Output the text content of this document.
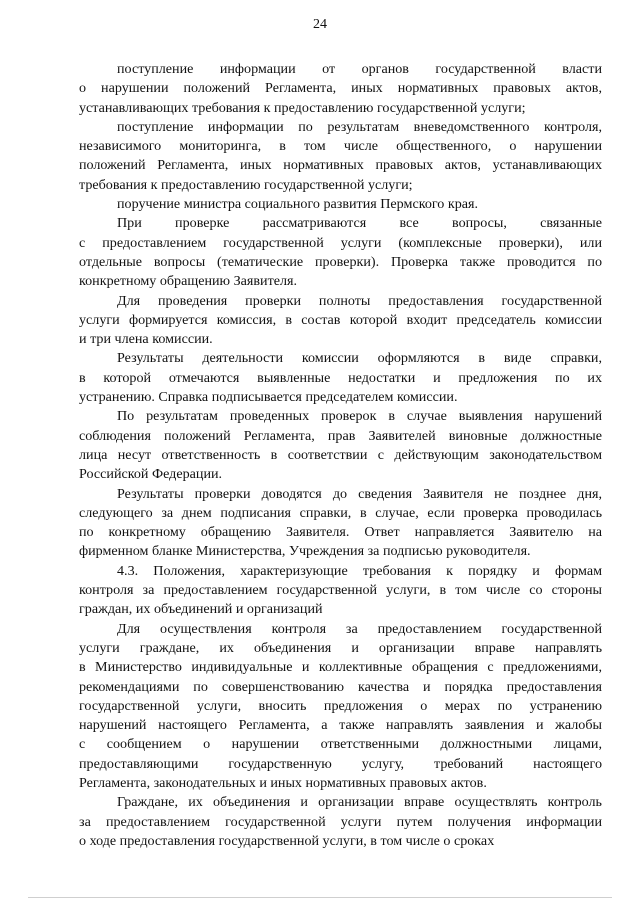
24
поступление информации от органов государственной власти
о нарушении положений Регламента, иных нормативных правовых актов,
устанавливающих требования к предоставлению государственной услуги;
поступление информации по результатам вневедомственного контроля,
независимого мониторинга, в том числе общественного, о нарушении
положений Регламента, иных нормативных правовых актов, устанавливающих
требования к предоставлению государственной услуги;
поручение министра социального развития Пермского края.
При проверке рассматриваются все вопросы, связанные
с предоставлением государственной услуги (комплексные проверки), или
отдельные вопросы (тематические проверки). Проверка также проводится по
конкретному обращению Заявителя.
Для проведения проверки полноты предоставления государственной
услуги формируется комиссия, в состав которой входит председатель комиссии
и три члена комиссии.
Результаты деятельности комиссии оформляются в виде справки,
в которой отмечаются выявленные недостатки и предложения по их
устранению. Справка подписывается председателем комиссии.
По результатам проведенных проверок в случае выявления нарушений
соблюдения положений Регламента, прав Заявителей виновные должностные
лица несут ответственность в соответствии с действующим законодательством
Российской Федерации.
Результаты проверки доводятся до сведения Заявителя не позднее дня,
следующего за днем подписания справки, в случае, если проверка проводилась
по конкретному обращению Заявителя. Ответ направляется Заявителю на
фирменном бланке Министерства, Учреждения за подписью руководителя.
4.3. Положения, характеризующие требования к порядку и формам
контроля за предоставлением государственной услуги, в том числе со стороны
граждан, их объединений и организаций
Для осуществления контроля за предоставлением государственной
услуги граждане, их объединения и организации вправе направлять
в Министерство индивидуальные и коллективные обращения с предложениями,
рекомендациями по совершенствованию качества и порядка предоставления
государственной услуги, вносить предложения о мерах по устранению
нарушений настоящего Регламента, а также направлять заявления и жалобы
с сообщением о нарушении ответственными должностными лицами,
предоставляющими государственную услугу, требований настоящего
Регламента, законодательных и иных нормативных правовых актов.
Граждане, их объединения и организации вправе осуществлять контроль
за предоставлением государственной услуги путем получения информации
о ходе предоставления государственной услуги, в том числе о сроках
